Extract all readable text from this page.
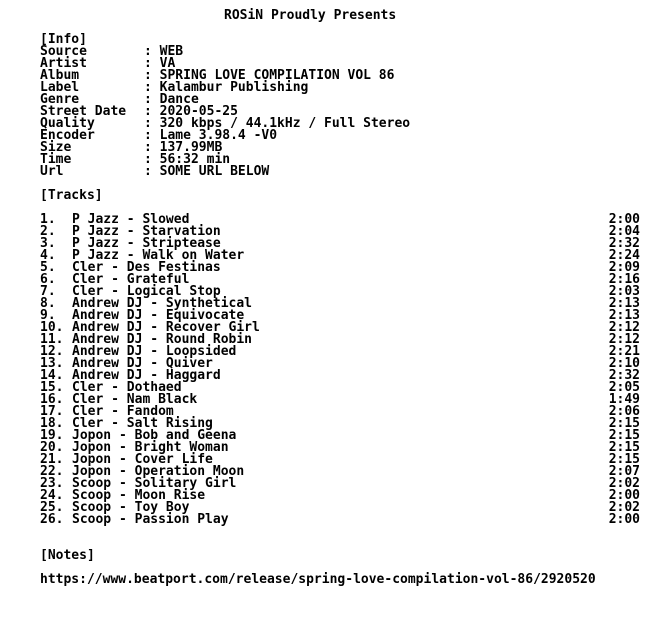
ROSiN Proudly Presents
[Info]
Source	: WEB
Artist	: VA
Album	: SPRING LOVE COMPILATION VOL 86
Label	: Kalambur Publishing
Genre	: Dance
Street Date : 2020-05-25
Quality	: 320 kbps / 44.1kHz / Full Stereo
Encoder	: Lame 3.98.4 -V0
Size	: 137.99MB
Time	: 56:32 min
Url	: SOME URL BELOW
[Tracks]
1. P Jazz - Slowed	2:00
2. P Jazz - Starvation	2:04
3. P Jazz - Striptease	2:32
4. P Jazz - Walk on Water	2:24
5. Cler - Des Festinas	2:09
6. Cler - Grateful	2:16
7. Cler - Logical Stop	2:03
8. Andrew DJ - Synthetical	2:13
9. Andrew DJ - Equivocate	2:13
10. Andrew DJ - Recover Girl	2:12
11. Andrew DJ - Round Robin	2:12
12. Andrew DJ - Loopsided	2:21
13. Andrew DJ - Quiver	2:10
14. Andrew DJ - Haggard	2:32
15. Cler - Dothaed	2:05
16. Cler - Nam Black	1:49
17. Cler - Fandom	2:06
18. Cler - Salt Rising	2:15
19. Jopon - Bob and Geena	2:15
20. Jopon - Bright Woman	2:15
21. Jopon - Cover Life	2:15
22. Jopon - Operation Moon	2:07
23. Scoop - Solitary Girl	2:02
24. Scoop - Moon Rise	2:00
25. Scoop - Toy Boy	2:02
26. Scoop - Passion Play	2:00
[Notes]
https://www.beatport.com/release/spring-love-compilation-vol-86/2920520
